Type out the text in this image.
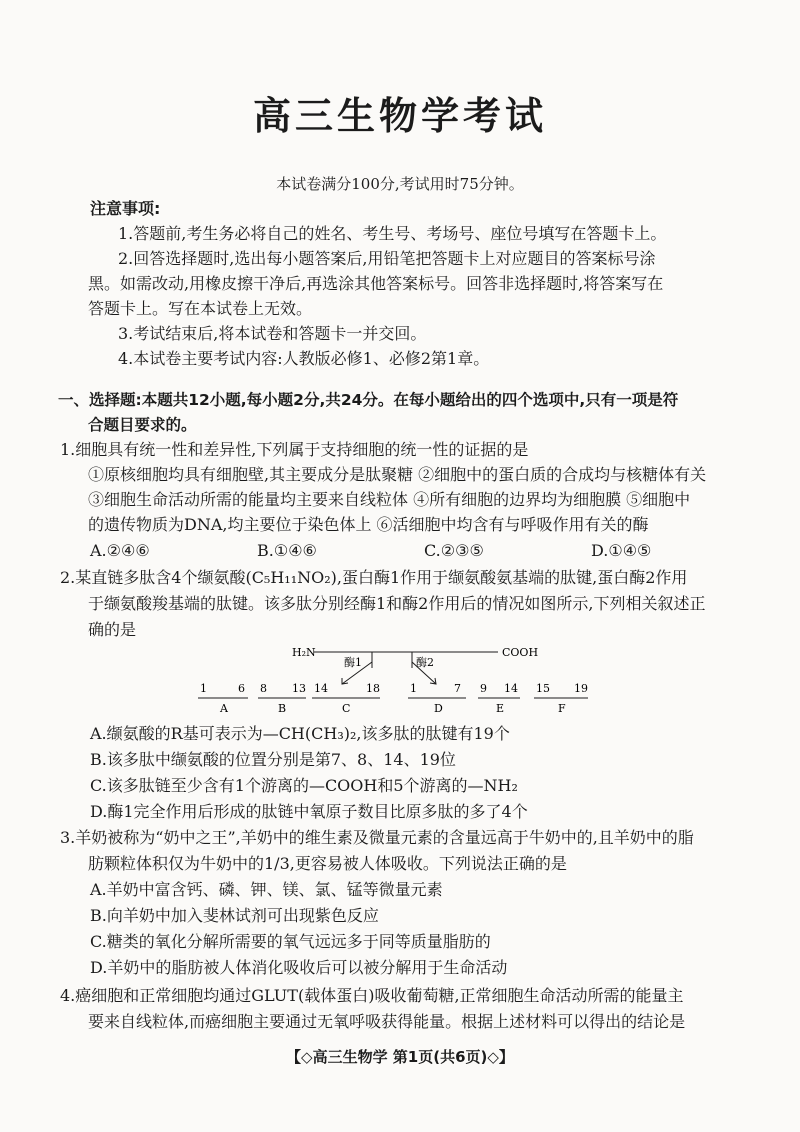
高三生物学考试
本试卷满分100分,考试用时75分钟。
注意事项:
1.答题前,考生务必将自己的姓名、考生号、考场号、座位号填写在答题卡上。
2.回答选择题时,选出每小题答案后,用铅笔把答题卡上对应题目的答案标号涂
黑。如需改动,用橡皮擦干净后,再选涂其他答案标号。回答非选择题时,将答案写在
答题卡上。写在本试卷上无效。
3.考试结束后,将本试卷和答题卡一并交回。
4.本试卷主要考试内容:人教版必修1、必修2第1章。
一、选择题:本题共12小题,每小题2分,共24分。在每小题给出的四个选项中,只有一项是符
合题目要求的。
1.细胞具有统一性和差异性,下列属于支持细胞的统一性的证据的是
①原核细胞均具有细胞壁,其主要成分是肽聚糖 ②细胞中的蛋白质的合成均与核糖体有关
③细胞生命活动所需的能量均主要来自线粒体 ④所有细胞的边界均为细胞膜 ⑤细胞中
的遗传物质为DNA,均主要位于染色体上 ⑥活细胞中均含有与呼吸作用有关的酶
A.②④⑥	B.①④⑥	C.②③⑤	D.①④⑤
2.某直链多肽含4个缬氨酸(C₅H₁₁NO₂),蛋白酶1作用于缬氨酸氨基端的肽键,蛋白酶2作用
于缬氨酸羧基端的肽键。该多肽分别经酶1和酶2作用后的情况如图所示,下列相关叙述正
确的是
H₂N	COOH
酶1	酶2
1	6
A
8 13
B
14	18
C
1	7
D
9 14
E
15 19
F
A.缬氨酸的R基可表示为—CH(CH₃)₂,该多肽的肽键有19个
B.该多肽中缬氨酸的位置分别是第7、8、14、19位
C.该多肽链至少含有1个游离的—COOH和5个游离的—NH₂
D.酶1完全作用后形成的肽链中氧原子数目比原多肽的多了4个
3.羊奶被称为“奶中之王”,羊奶中的维生素及微量元素的含量远高于牛奶中的,且羊奶中的脂
肪颗粒体积仅为牛奶中的1/3,更容易被人体吸收。下列说法正确的是
A.羊奶中富含钙、磷、钾、镁、氯、锰等微量元素
B.向羊奶中加入斐林试剂可出现紫色反应
C.糖类的氧化分解所需要的氧气远远多于同等质量脂肪的
D.羊奶中的脂肪被人体消化吸收后可以被分解用于生命活动
4.癌细胞和正常细胞均通过GLUT(载体蛋白)吸收葡萄糖,正常细胞生命活动所需的能量主
要来自线粒体,而癌细胞主要通过无氧呼吸获得能量。根据上述材料可以得出的结论是
【◇高三生物学 第1页(共6页)◇】
